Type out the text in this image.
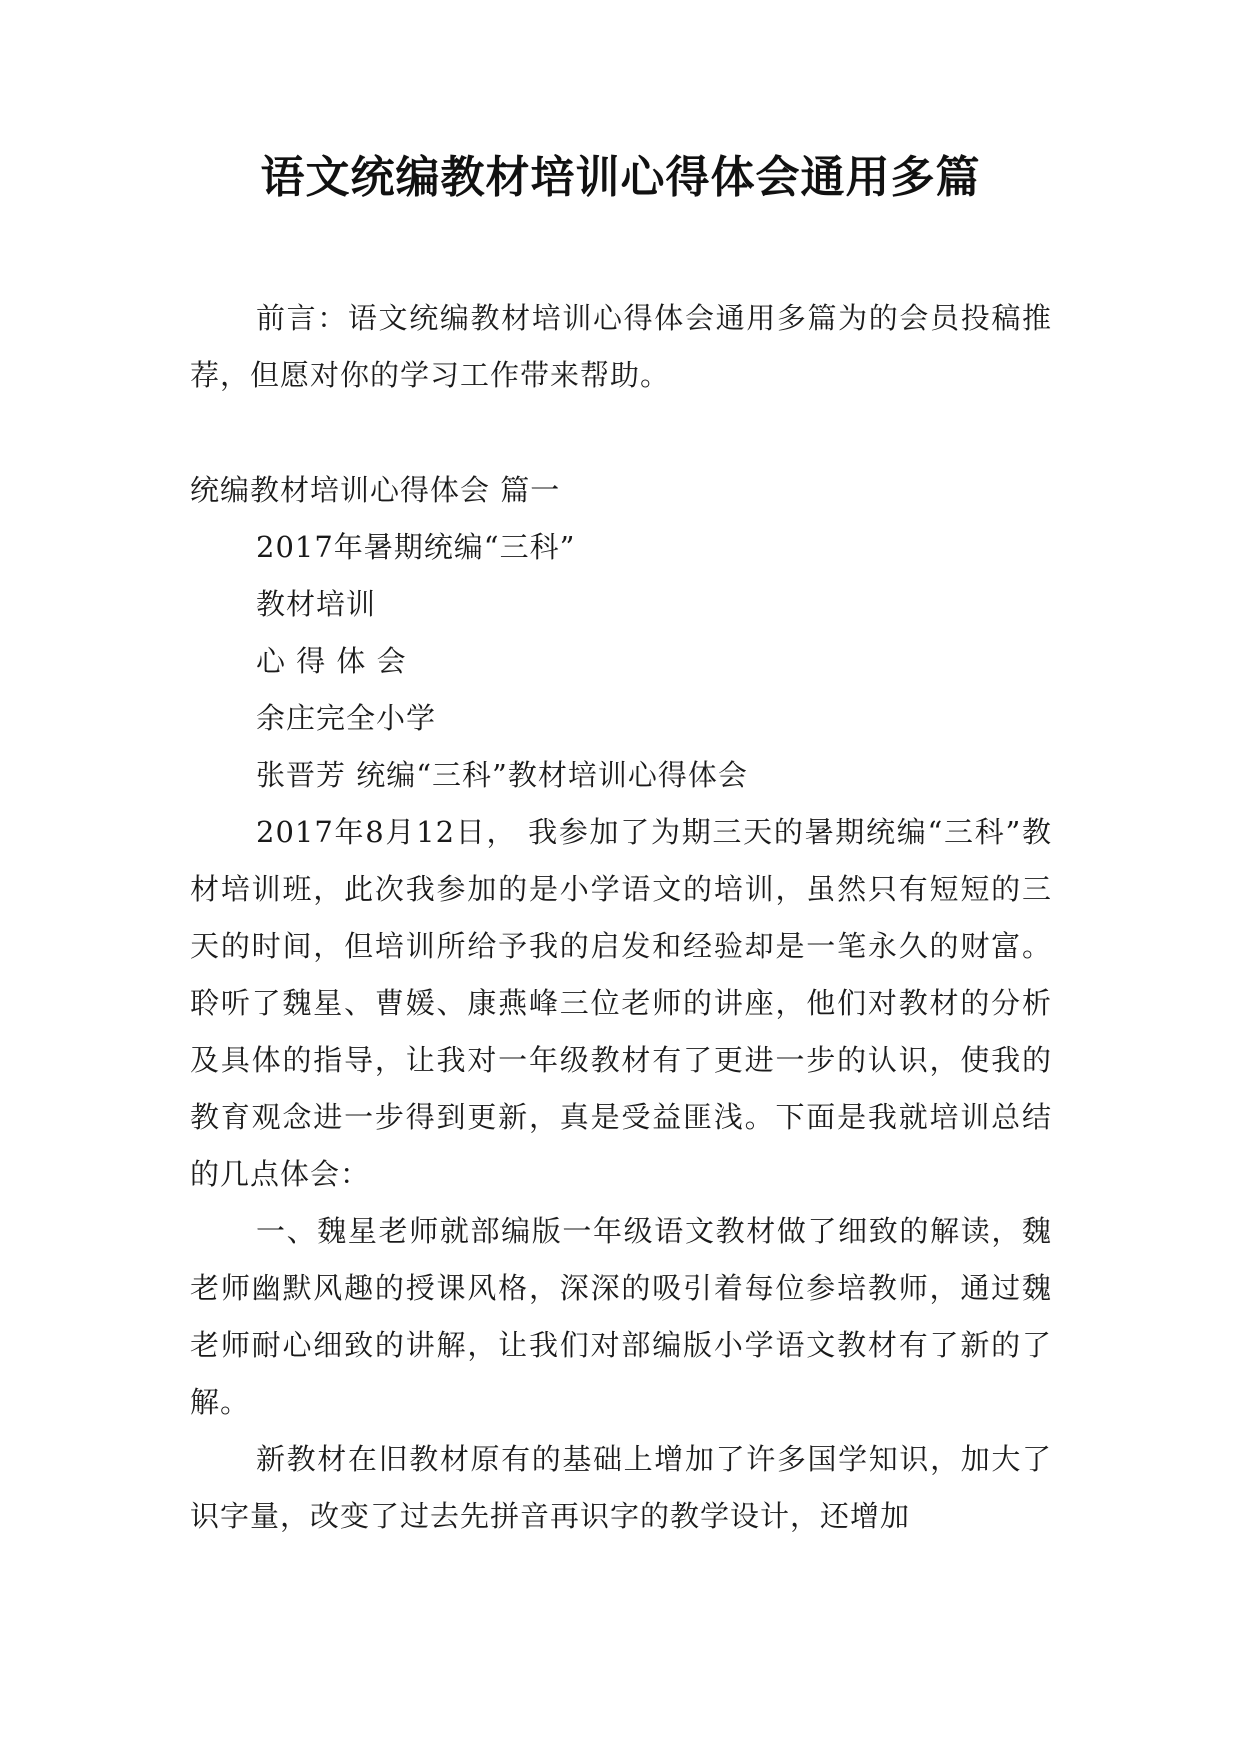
语文统编教材培训心得体会通用多篇

前言：语文统编教材培训心得体会通用多篇为的会员投稿推荐，但愿对你的学习工作带来帮助。

统编教材培训心得体会 篇一

2017年暑期统编“三科”

教材培训

心 得 体 会

余庄完全小学

张晋芳 统编“三科”教材培训心得体会

2017年8月12日， 我参加了为期三天的暑期统编“三科”教材培训班，此次我参加的是小学语文的培训，虽然只有短短的三天的时间，但培训所给予我的启发和经验却是一笔永久的财富。聆听了魏星、曹媛、康燕峰三位老师的讲座，他们对教材的分析及具体的指导，让我对一年级教材有了更进一步的认识，使我的教育观念进一步得到更新，真是受益匪浅。下面是我就培训总结的几点体会：

一、魏星老师就部编版一年级语文教材做了细致的解读，魏老师幽默风趣的授课风格，深深的吸引着每位参培教师，通过魏老师耐心细致的讲解，让我们对部编版小学语文教材有了新的了解。

新教材在旧教材原有的基础上增加了许多国学知识，加大了识字量，改变了过去先拼音再识字的教学设计，还增加
